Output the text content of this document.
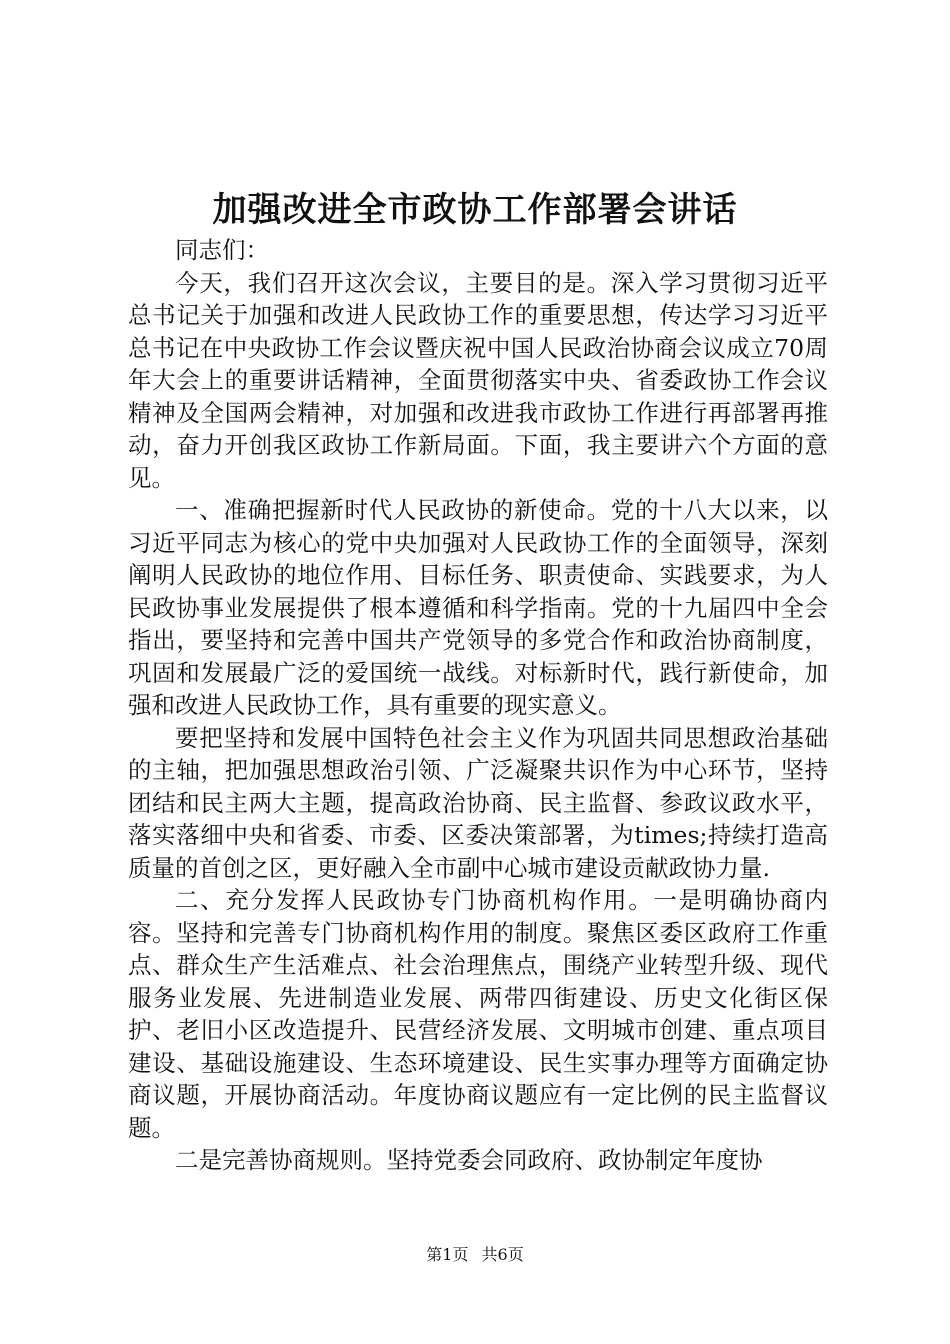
加强改进全市政协工作部署会讲话

同志们：

今天，我们召开这次会议，主要目的是。深入学习贯彻习近平总书记关于加强和改进人民政协工作的重要思想，传达学习习近平总书记在中央政协工作会议暨庆祝中国人民政治协商会议成立70周年大会上的重要讲话精神，全面贯彻落实中央、省委政协工作会议精神及全国两会精神，对加强和改进我市政协工作进行再部署再推动，奋力开创我区政协工作新局面。下面，我主要讲六个方面的意见。

一、准确把握新时代人民政协的新使命。党的十八大以来，以习近平同志为核心的党中央加强对人民政协工作的全面领导，深刻阐明人民政协的地位作用、目标任务、职责使命、实践要求，为人民政协事业发展提供了根本遵循和科学指南。党的十九届四中全会指出，要坚持和完善中国共产党领导的多党合作和政治协商制度，巩固和发展最广泛的爱国统一战线。对标新时代，践行新使命，加强和改进人民政协工作，具有重要的现实意义。

要把坚持和发展中国特色社会主义作为巩固共同思想政治基础的主轴，把加强思想政治引领、广泛凝聚共识作为中心环节，坚持团结和民主两大主题，提高政治协商、民主监督、参政议政水平，落实落细中央和省委、市委、区委决策部署，为times;持续打造高质量的首创之区，更好融入全市副中心城市建设贡献政协力量.

二、充分发挥人民政协专门协商机构作用。一是明确协商内容。坚持和完善专门协商机构作用的制度。聚焦区委区政府工作重点、群众生产生活难点、社会治理焦点，围绕产业转型升级、现代服务业发展、先进制造业发展、两带四街建设、历史文化街区保护、老旧小区改造提升、民营经济发展、文明城市创建、重点项目建设、基础设施建设、生态环境建设、民生实事办理等方面确定协商议题，开展协商活动。年度协商议题应有一定比例的民主监督议题。

二是完善协商规则。坚持党委会同政府、政协制定年度协

第1页 共6页
